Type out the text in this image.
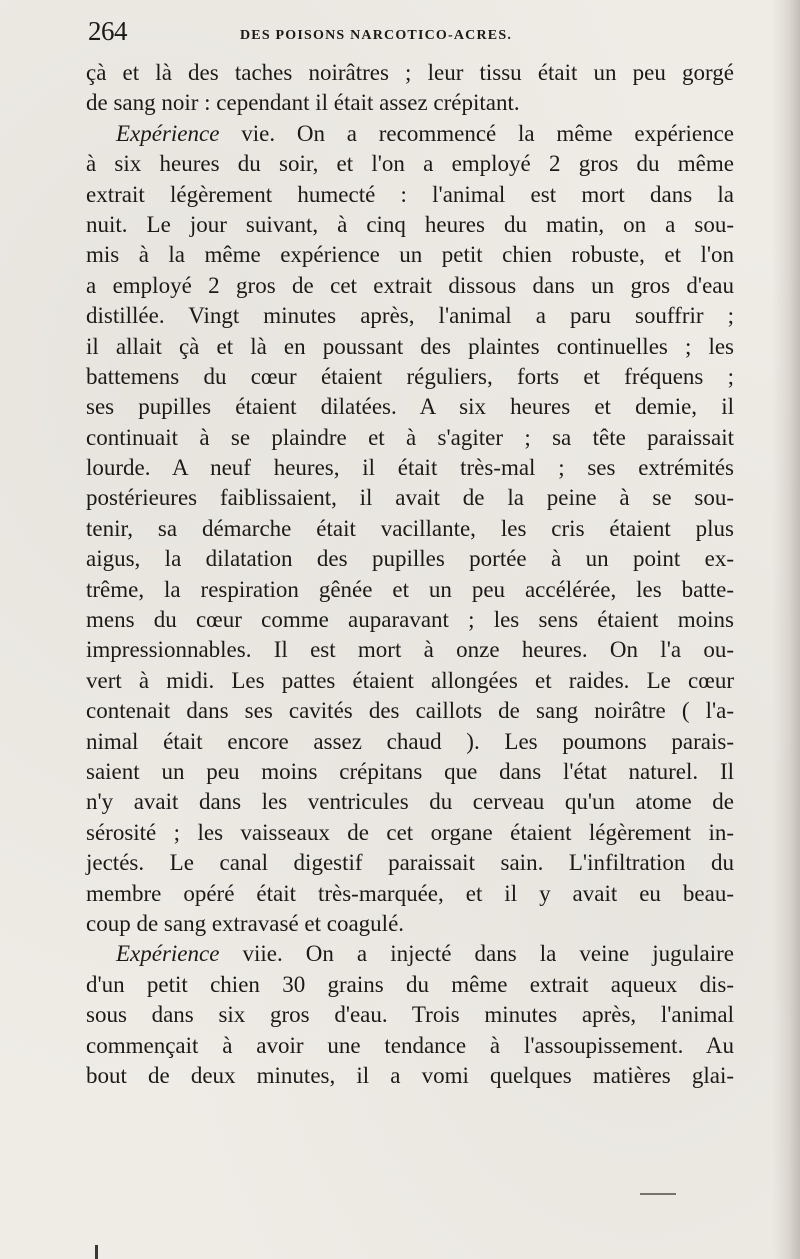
264	DES POISONS NARCOTICO-ACRES.
çà et là des taches noirâtres ; leur tissu était un peu gorgé
de sang noir : cependant il était assez crépitant.
Expérience vie. On a recommencé la même expérience
à six heures du soir, et l'on a employé 2 gros du même
extrait légèrement humecté : l'animal est mort dans la
nuit. Le jour suivant, à cinq heures du matin, on a sou-
mis à la même expérience un petit chien robuste, et l'on
a employé 2 gros de cet extrait dissous dans un gros d'eau
distillée. Vingt minutes après, l'animal a paru souffrir ;
il allait çà et là en poussant des plaintes continuelles ; les
battemens du cœur étaient réguliers, forts et fréquens ;
ses pupilles étaient dilatées. A six heures et demie, il
continuait à se plaindre et à s'agiter ; sa tête paraissait
lourde. A neuf heures, il était très-mal ; ses extrémités
postérieures faiblissaient, il avait de la peine à se sou-
tenir, sa démarche était vacillante, les cris étaient plus
aigus, la dilatation des pupilles portée à un point ex-
trême, la respiration gênée et un peu accélérée, les batte-
mens du cœur comme auparavant ; les sens étaient moins
impressionnables. Il est mort à onze heures. On l'a ou-
vert à midi. Les pattes étaient allongées et raides. Le cœur
contenait dans ses cavités des caillots de sang noirâtre ( l'a-
nimal était encore assez chaud ). Les poumons parais-
saient un peu moins crépitans que dans l'état naturel. Il
n'y avait dans les ventricules du cerveau qu'un atome de
sérosité ; les vaisseaux de cet organe étaient légèrement in-
jectés. Le canal digestif paraissait sain. L'infiltration du
membre opéré était très-marquée, et il y avait eu beau-
coup de sang extravasé et coagulé.
Expérience viie. On a injecté dans la veine jugulaire
d'un petit chien 30 grains du même extrait aqueux dis-
sous dans six gros d'eau. Trois minutes après, l'animal
commençait à avoir une tendance à l'assoupissement. Au
bout de deux minutes, il a vomi quelques matières glai-
